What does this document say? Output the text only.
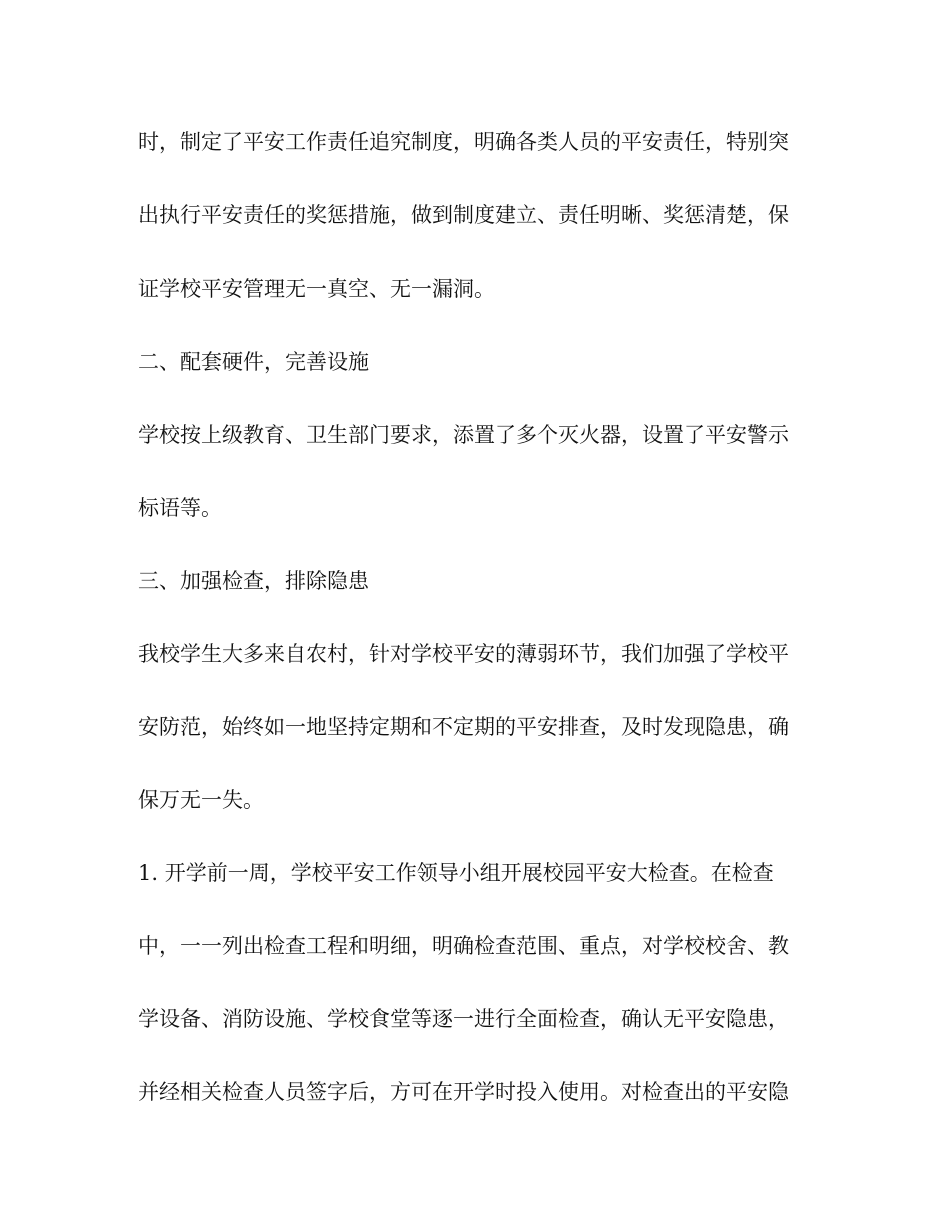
时，制定了平安工作责任追究制度，明确各类人员的平安责任，特别突
出执行平安责任的奖惩措施，做到制度建立、责任明晰、奖惩清楚，保
证学校平安管理无一真空、无一漏洞。
二、配套硬件，完善设施
学校按上级教育、卫生部门要求，添置了多个灭火器，设置了平安警示
标语等。
三、加强检查，排除隐患
我校学生大多来自农村，针对学校平安的薄弱环节，我们加强了学校平
安防范，始终如一地坚持定期和不定期的平安排查，及时发现隐患，确
保万无一失。
1. 开学前一周，学校平安工作领导小组开展校园平安大检查。在检查
中，一一列出检查工程和明细，明确检查范围、重点，对学校校舍、教
学设备、消防设施、学校食堂等逐一进行全面检查，确认无平安隐患，
并经相关检查人员签字后，方可在开学时投入使用。对检查出的平安隐
